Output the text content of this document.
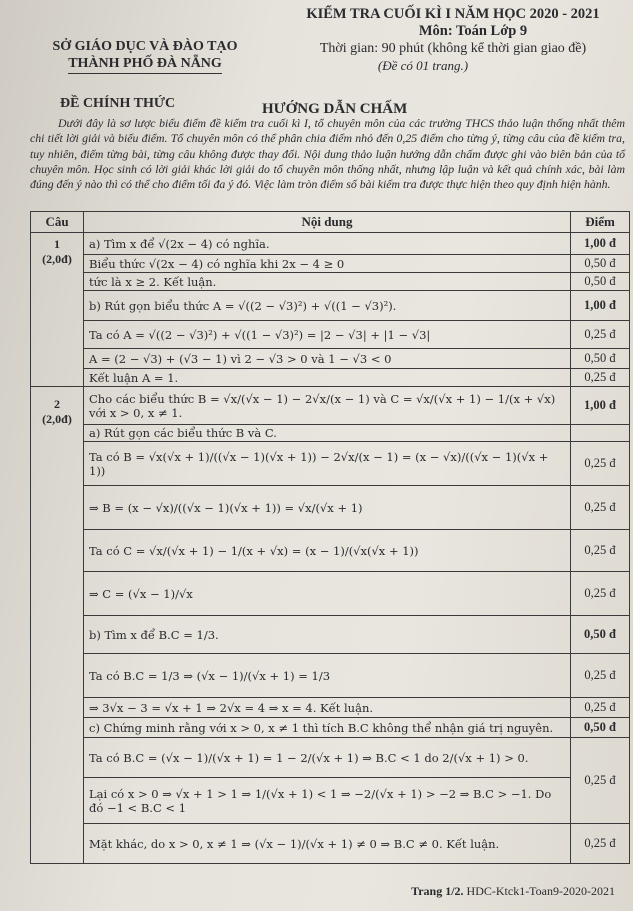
SỞ GIÁO DỤC VÀ ĐÀO TẠO
THÀNH PHỐ ĐÀ NẴNG
KIỂM TRA CUỐI KÌ I NĂM HỌC 2020 - 2021
Môn: Toán Lớp 9
Thời gian: 90 phút (không kể thời gian giao đề)
(Đề có 01 trang.)
ĐỀ CHÍNH THỨC	HƯỚNG DẪN CHẤM
Dưới đây là sơ lược biểu điểm đề kiểm tra cuối kì I, tổ chuyên môn của các trường THCS thảo luận thống nhất thêm chi tiết lời giải và biểu điểm. Tổ chuyên môn có thể phân chia điểm nhỏ đến 0,25 điểm cho từng ý, từng câu của đề kiểm tra, tuy nhiên, điểm từng bài, từng câu không được thay đổi. Nội dung thảo luận hướng dẫn chấm được ghi vào biên bản của tổ chuyên môn. Học sinh có lời giải khác lời giải do tổ chuyên môn thống nhất, nhưng lập luận và kết quả chính xác, bài làm đúng đến ý nào thì có thể cho điểm tối đa ý đó. Việc làm tròn điểm số bài kiểm tra được thực hiện theo quy định hiện hành.
Câu	Nội dung	Điểm

1
(2,0đ)	a) Tìm x để √(2x − 4) có nghĩa.	1,00 đ
	Biểu thức √(2x − 4) có nghĩa khi 2x − 4 ≥ 0	0,50 đ
	tức là x ≥ 2. Kết luận.	0,50 đ
	b) Rút gọn biểu thức A = √((2 − √3)²) + √((1 − √3)²).	1,00 đ
	Ta có A = √((2 − √3)²) + √((1 − √3)²) = |2 − √3| + |1 − √3|	0,25 đ
	A = (2 − √3) + (√3 − 1) vì 2 − √3 > 0 và 1 − √3 < 0	0,50 đ
	Kết luận A = 1.	0,25 đ

2
(2,0đ)	Cho các biểu thức B = √x/(√x − 1) − 2√x/(x − 1) và C = √x/(√x + 1) − 1/(x + √x) với x > 0, x ≠ 1.	1,00 đ
	a) Rút gọn các biểu thức B và C.	
	Ta có B = √x(√x + 1)/((√x − 1)(√x + 1)) − 2√x/(x − 1) = (x − √x)/((√x − 1)(√x + 1))	0,25 đ
	⇒ B = (x − √x)/((√x − 1)(√x + 1)) = √x/(√x + 1)	0,25 đ
	Ta có C = √x/(√x + 1) − 1/(x + √x) = (x − 1)/(√x(√x + 1))	0,25 đ
	⇒ C = (√x − 1)/√x	0,25 đ
	b) Tìm x để B.C = 1/3.	0,50 đ
	Ta có B.C = 1/3 ⇒ (√x − 1)/(√x + 1) = 1/3	0,25 đ
	⇒ 3√x − 3 = √x + 1 ⇒ 2√x = 4 ⇒ x = 4. Kết luận.	0,25 đ
	c) Chứng minh rằng với x > 0, x ≠ 1 thì tích B.C không thể nhận giá trị nguyên.	0,50 đ
	Ta có B.C = (√x − 1)/(√x + 1) = 1 − 2/(√x + 1) ⇒ B.C < 1 do 2/(√x + 1) > 0.	0,25 đ
	Lại có x > 0 ⇒ √x + 1 > 1 ⇒ 1/(√x + 1) < 1 ⇒ −2/(√x + 1) > −2 ⇒ B.C > −1. Do đó −1 < B.C < 1	
	Mặt khác, do x > 0, x ≠ 1 ⇒ (√x − 1)/(√x + 1) ≠ 0 ⇒ B.C ≠ 0. Kết luận.	0,25 đ
Trang 1/2. HDC-Ktck1-Toan9-2020-2021
